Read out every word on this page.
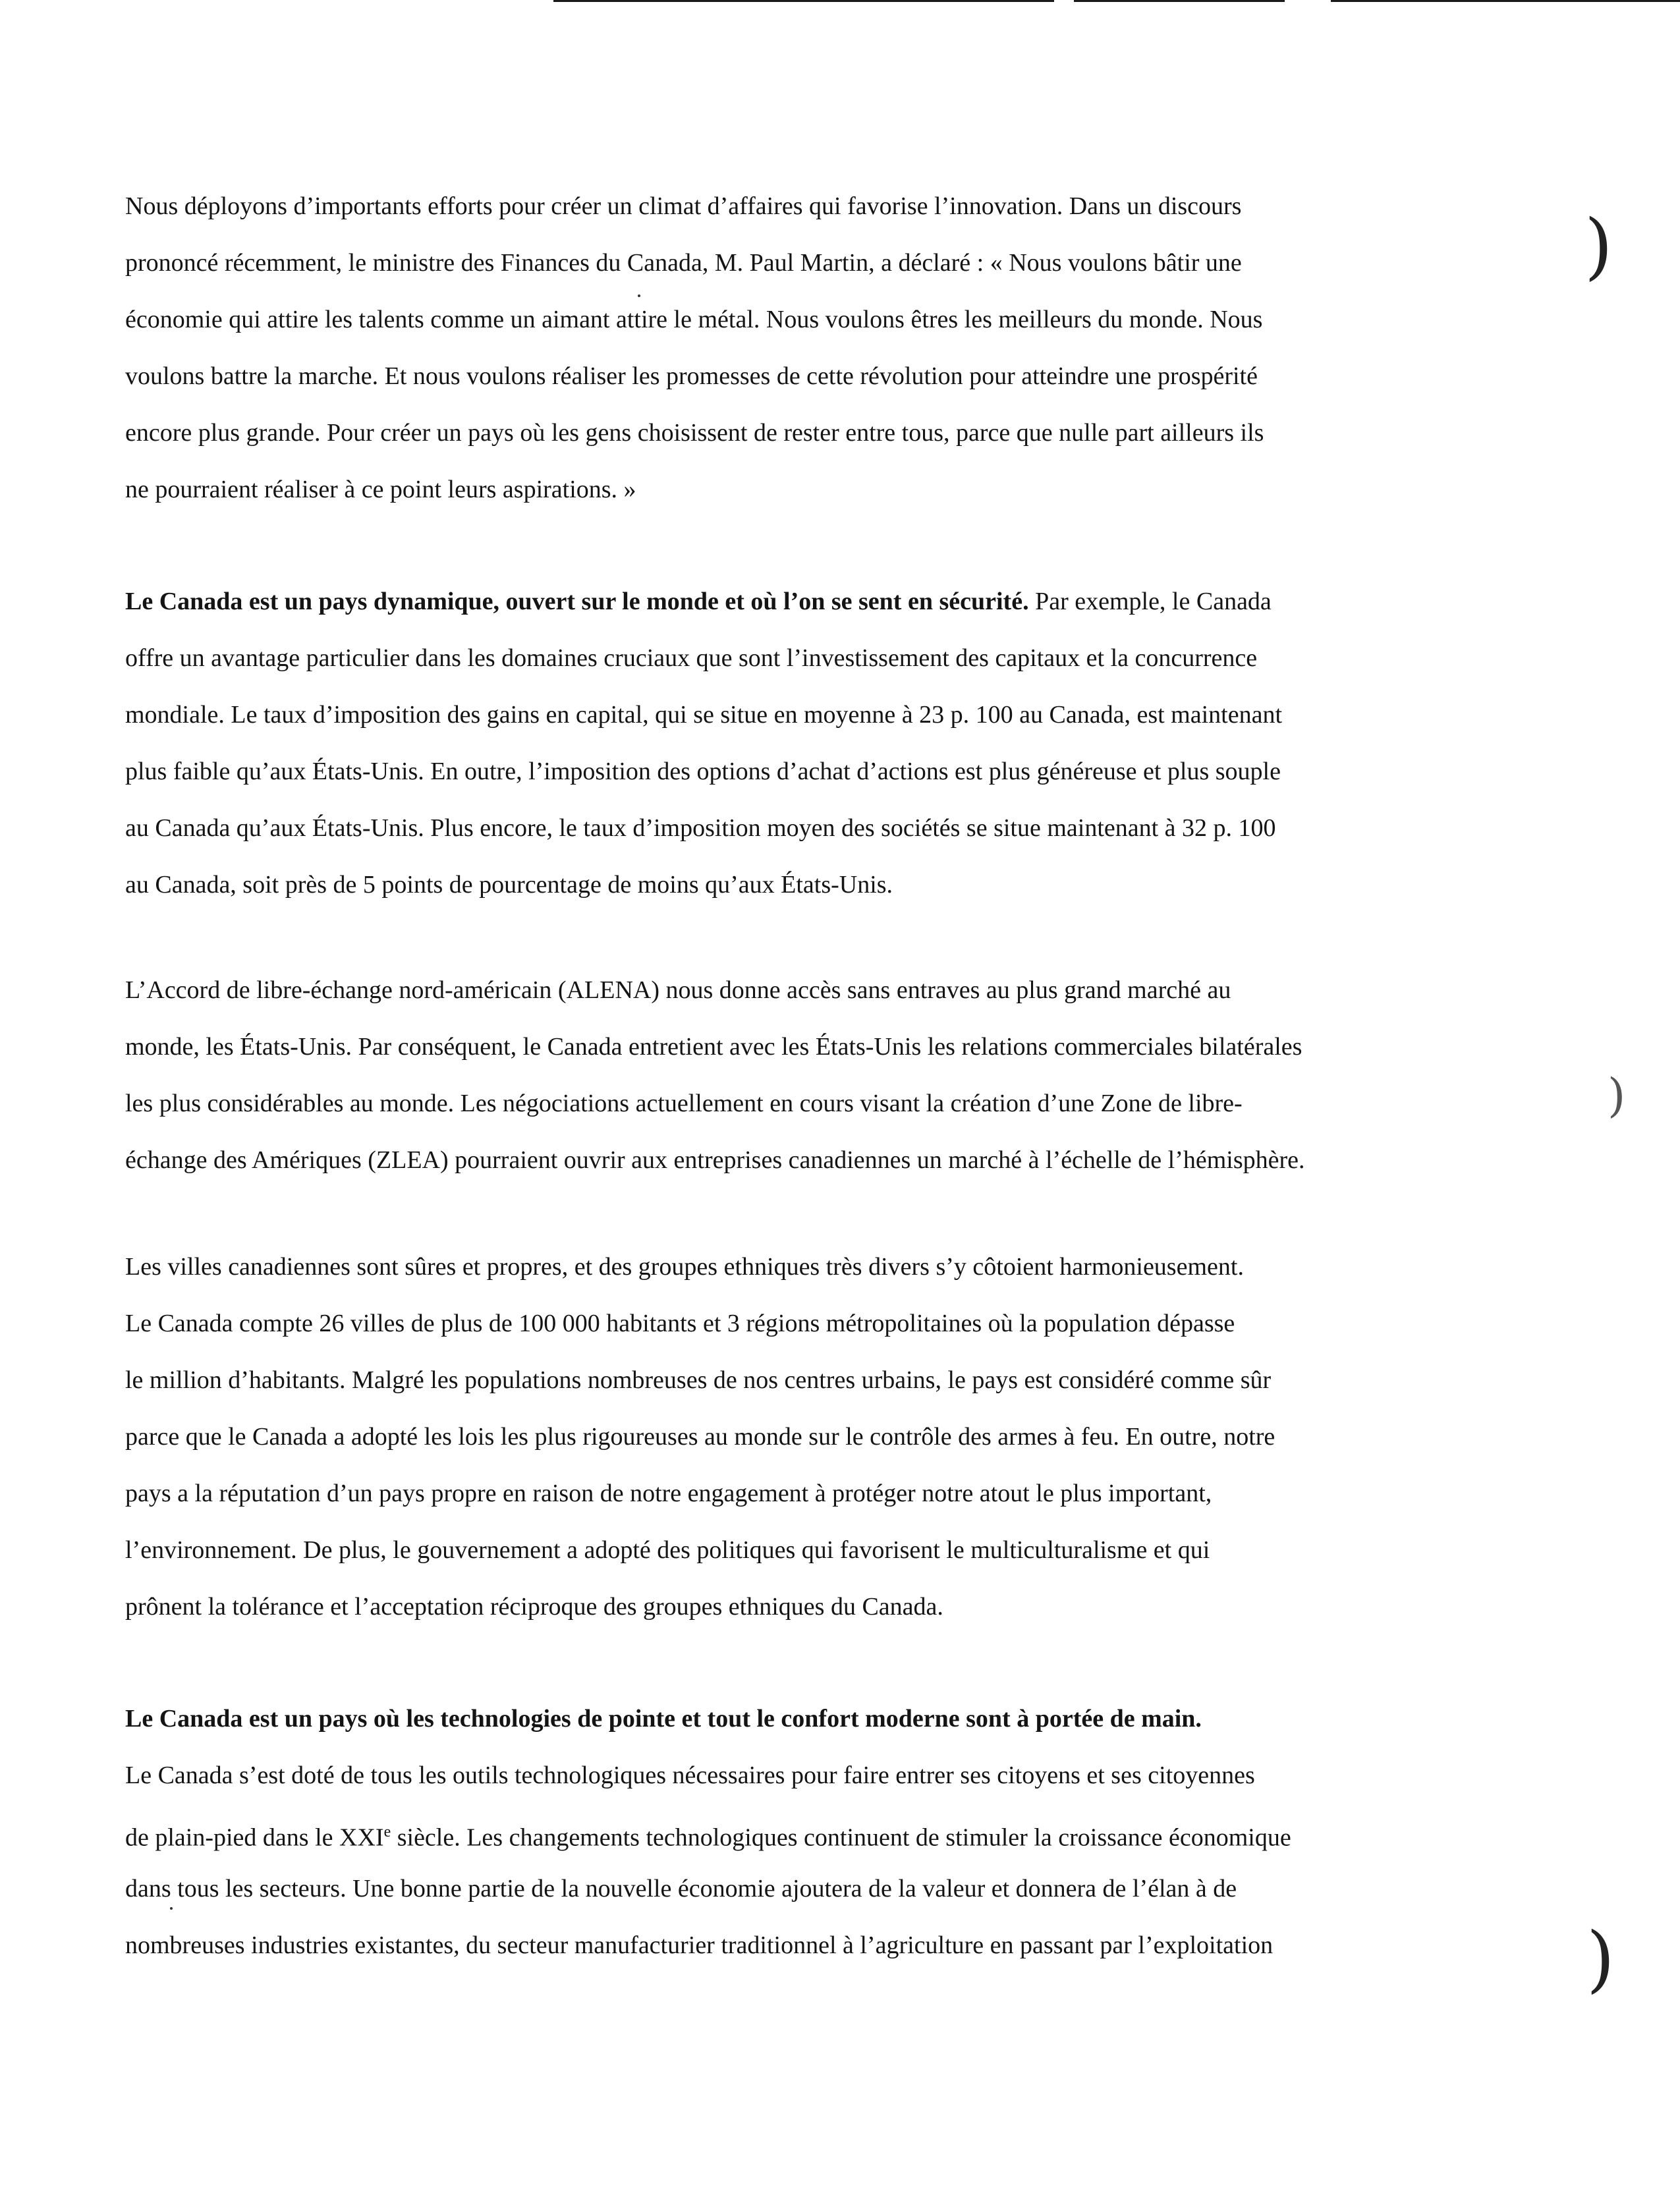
Nous déployons d’importants efforts pour créer un climat d’affaires qui favorise l’innovation. Dans un discours
prononcé récemment, le ministre des Finances du Canada, M. Paul Martin, a déclaré : « Nous voulons bâtir une
économie qui attire les talents comme un aimant attire le métal. Nous voulons êtres les meilleurs du monde. Nous
voulons battre la marche. Et nous voulons réaliser les promesses de cette révolution pour atteindre une prospérité
encore plus grande. Pour créer un pays où les gens choisissent de rester entre tous, parce que nulle part ailleurs ils
ne pourraient réaliser à ce point leurs aspirations. »
Le Canada est un pays dynamique, ouvert sur le monde et où l’on se sent en sécurité. Par exemple, le Canada
offre un avantage particulier dans les domaines cruciaux que sont l’investissement des capitaux et la concurrence
mondiale. Le taux d’imposition des gains en capital, qui se situe en moyenne à 23 p. 100 au Canada, est maintenant
plus faible qu’aux États-Unis. En outre, l’imposition des options d’achat d’actions est plus généreuse et plus souple
au Canada qu’aux États-Unis. Plus encore, le taux d’imposition moyen des sociétés se situe maintenant à 32 p. 100
au Canada, soit près de 5 points de pourcentage de moins qu’aux États-Unis.
L’Accord de libre-échange nord-américain (ALENA) nous donne accès sans entraves au plus grand marché au
monde, les États-Unis. Par conséquent, le Canada entretient avec les États-Unis les relations commerciales bilatérales
les plus considérables au monde. Les négociations actuellement en cours visant la création d’une Zone de libre-
échange des Amériques (ZLEA) pourraient ouvrir aux entreprises canadiennes un marché à l’échelle de l’hémisphère.
Les villes canadiennes sont sûres et propres, et des groupes ethniques très divers s’y côtoient harmonieusement.
Le Canada compte 26 villes de plus de 100 000 habitants et 3 régions métropolitaines où la population dépasse
le million d’habitants. Malgré les populations nombreuses de nos centres urbains, le pays est considéré comme sûr
parce que le Canada a adopté les lois les plus rigoureuses au monde sur le contrôle des armes à feu. En outre, notre
pays a la réputation d’un pays propre en raison de notre engagement à protéger notre atout le plus important,
l’environnement. De plus, le gouvernement a adopté des politiques qui favorisent le multiculturalisme et qui
prônent la tolérance et l’acceptation réciproque des groupes ethniques du Canada.
Le Canada est un pays où les technologies de pointe et tout le confort moderne sont à portée de main.
Le Canada s’est doté de tous les outils technologiques nécessaires pour faire entrer ses citoyens et ses citoyennes
de plain-pied dans le XXIe siècle. Les changements technologiques continuent de stimuler la croissance économique
dans tous les secteurs. Une bonne partie de la nouvelle économie ajoutera de la valeur et donnera de l’élan à de
nombreuses industries existantes, du secteur manufacturier traditionnel à l’agriculture en passant par l’exploitation
)
)
)
